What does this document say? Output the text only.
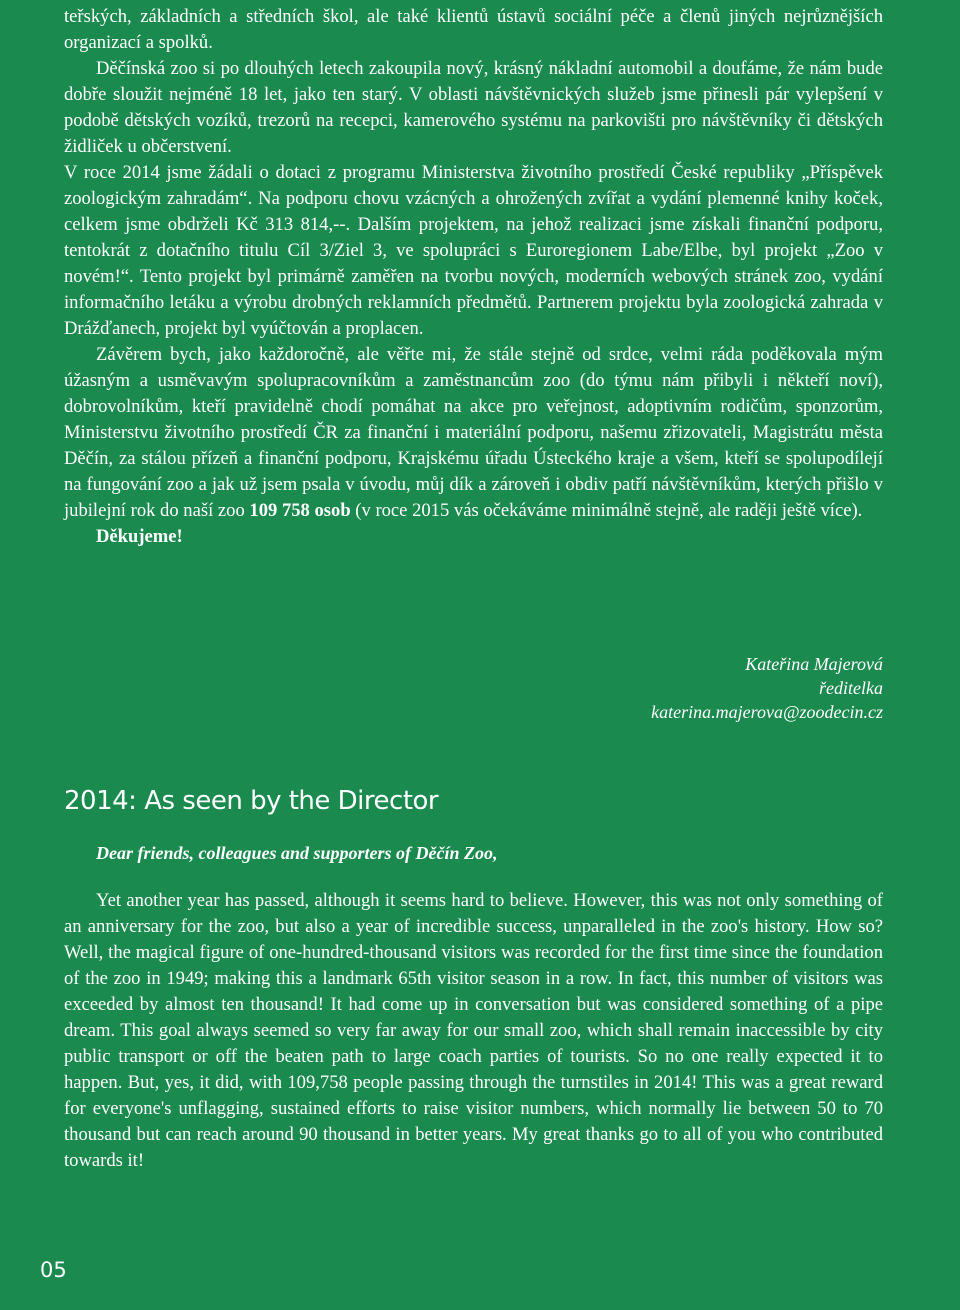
teřských, základních a středních škol, ale také klientů ústavů sociální péče a členů jiných nejrůznějších organizací a spolků.

Děčínská zoo si po dlouhých letech zakoupila nový, krásný nákladní automobil a doufáme, že nám bude dobře sloužit nejméně 18 let, jako ten starý. V oblasti návštěvnických služeb jsme přinesli pár vylepšení v podobě dětských vozíků, trezorů na recepci, kamerového systému na parkovišti pro návštěvníky či dětských židliček u občerstvení.

V roce 2014 jsme žádali o dotaci z programu Ministerstva životního prostředí České republiky „Příspěvek zoologickým zahradám“. Na podporu chovu vzácných a ohrožených zvířat a vydání plemenné knihy koček, celkem jsme obdrželi Kč 313 814,--. Dalším projektem, na jehož realizaci jsme získali finanční podporu, tentokrát z dotačního titulu Cíl 3/Ziel 3, ve spolupráci s Euroregionem Labe/Elbe, byl projekt „Zoo v novém!“. Tento projekt byl primárně zaměřen na tvorbu nových, moderních webových stránek zoo, vydání informačního letáku a výrobu drobných reklamních předmětů. Partnerem projektu byla zoologická zahrada v Drážďanech, projekt byl vyúčtován a proplacen.

Závěrem bych, jako každoročně, ale věřte mi, že stále stejně od srdce, velmi ráda poděkovala mým úžasným a usměvavým spolupracovníkům a zaměstnancům zoo (do týmu nám přibyli i někteří noví), dobrovolníkům, kteří pravidelně chodí pomáhat na akce pro veřejnost, adoptivním rodičům, sponzorům, Ministerstvu životního prostředí ČR za finanční i materiální podporu, našemu zřizovateli, Magistrátu města Děčín, za stálou přízeň a finanční podporu, Krajskému úřadu Ústeckého kraje a všem, kteří se spolupodílejí na fungování zoo a jak už jsem psala v úvodu, můj dík a zároveň i obdiv patří návštěvníkům, kterých přišlo v jubilejní rok do naší zoo 109 758 osob (v roce 2015 vás očekáváme minimálně stejně, ale raději ještě více).

Děkujeme!

Kateřina Majerová
ředitelka
katerina.majerova@zoodecin.cz
2014: As seen by the Director
Dear friends, colleagues and supporters of Děčín Zoo,

Yet another year has passed, although it seems hard to believe. However, this was not only something of an anniversary for the zoo, but also a year of incredible success, unparalleled in the zoo's history. How so? Well, the magical figure of one-hundred-thousand visitors was recorded for the first time since the foundation of the zoo in 1949; making this a landmark 65th visitor season in a row. In fact, this number of visitors was exceeded by almost ten thousand! It had come up in conversation but was considered something of a pipe dream. This goal always seemed so very far away for our small zoo, which shall remain inaccessible by city public transport or off the beaten path to large coach parties of tourists. So no one really expected it to happen. But, yes, it did, with 109,758 people passing through the turnstiles in 2014! This was a great reward for everyone's unflagging, sustained efforts to raise visitor numbers, which normally lie between 50 to 70 thousand but can reach around 90 thousand in better years. My great thanks go to all of you who contributed towards it!

05
